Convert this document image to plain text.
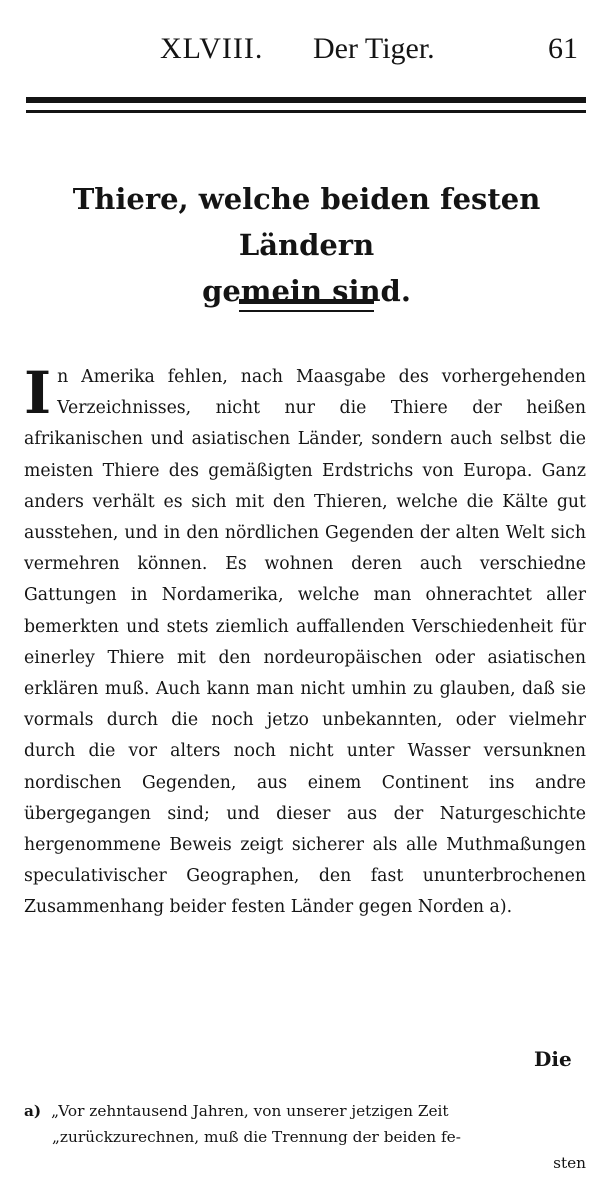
XLVIII. Der Tiger.	61
Thiere, welche beiden festen Ländern
gemein sind.
In Amerika fehlen, nach Maasgabe des vorhergehenden Verzeichnisses, nicht nur die Thiere der heißen afrikanischen und asiatischen Länder, sondern auch selbst die meisten Thiere des gemäßigten Erdstrichs von Europa. Ganz anders verhält es sich mit den Thieren, welche die Kälte gut ausstehen, und in den nördlichen Gegenden der alten Welt sich vermehren können. Es wohnen deren auch verschiedne Gattungen in Nordamerika, welche man ohnerachtet aller bemerkten und stets ziemlich auffallenden Verschiedenheit für einerley Thiere mit den nordeuropäischen oder asiatischen erklären muß. Auch kann man nicht umhin zu glauben, daß sie vormals durch die noch jetzo unbekannten, oder vielmehr durch die vor alters noch nicht unter Wasser versunknen nordischen Gegenden, aus einem Continent ins andre übergegangen sind; und dieser aus der Naturgeschichte hergenommene Beweis zeigt sicherer als alle Muthmaßungen speculativischer Geographen, den fast ununterbrochenen Zusammenhang beider festen Länder gegen Norden a).
Die
a) „Vor zehntausend Jahren, von unserer jetzigen Zeit
„zurückzurechnen, muß die Trennung der beiden fe-
sten
